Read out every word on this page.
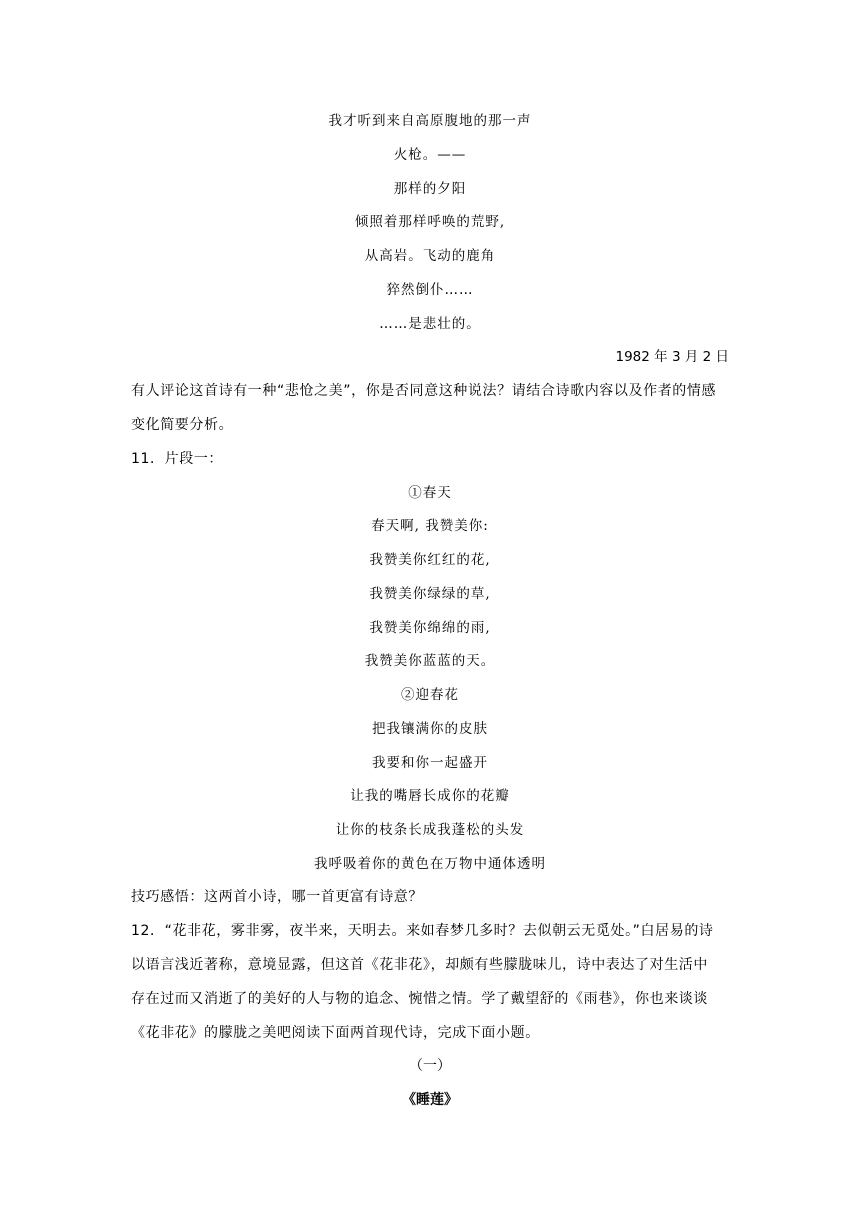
我才听到来自高原腹地的那一声
火枪。——
那样的夕阳
倾照着那样呼唤的荒野,
从高岩。飞动的鹿角
猝然倒仆……
……是悲壮的。
1982 年 3 月 2 日
有人评论这首诗有一种“悲怆之美”，你是否同意这种说法？请结合诗歌内容以及作者的情感
变化简要分析。
11．片段一：
①春天
春天啊, 我赞美你:
我赞美你红红的花,
我赞美你绿绿的草,
我赞美你绵绵的雨,
我赞美你蓝蓝的天。
②迎春花
把我镶满你的皮肤
我要和你一起盛开
让我的嘴唇长成你的花瓣
让你的枝条长成我蓬松的头发
我呼吸着你的黄色在万物中通体透明
技巧感悟：这两首小诗，哪一首更富有诗意？
12．“花非花，雾非雾，夜半来，天明去。来如春梦几多时？去似朝云无觅处。”白居易的诗
以语言浅近著称，意境显露，但这首《花非花》，却颇有些朦胧味儿，诗中表达了对生活中
存在过而又消逝了的美好的人与物的追念、惋惜之情。学了戴望舒的《雨巷》，你也来谈谈
《花非花》的朦胧之美吧阅读下面两首现代诗，完成下面小题。
（一）
《睡莲》
